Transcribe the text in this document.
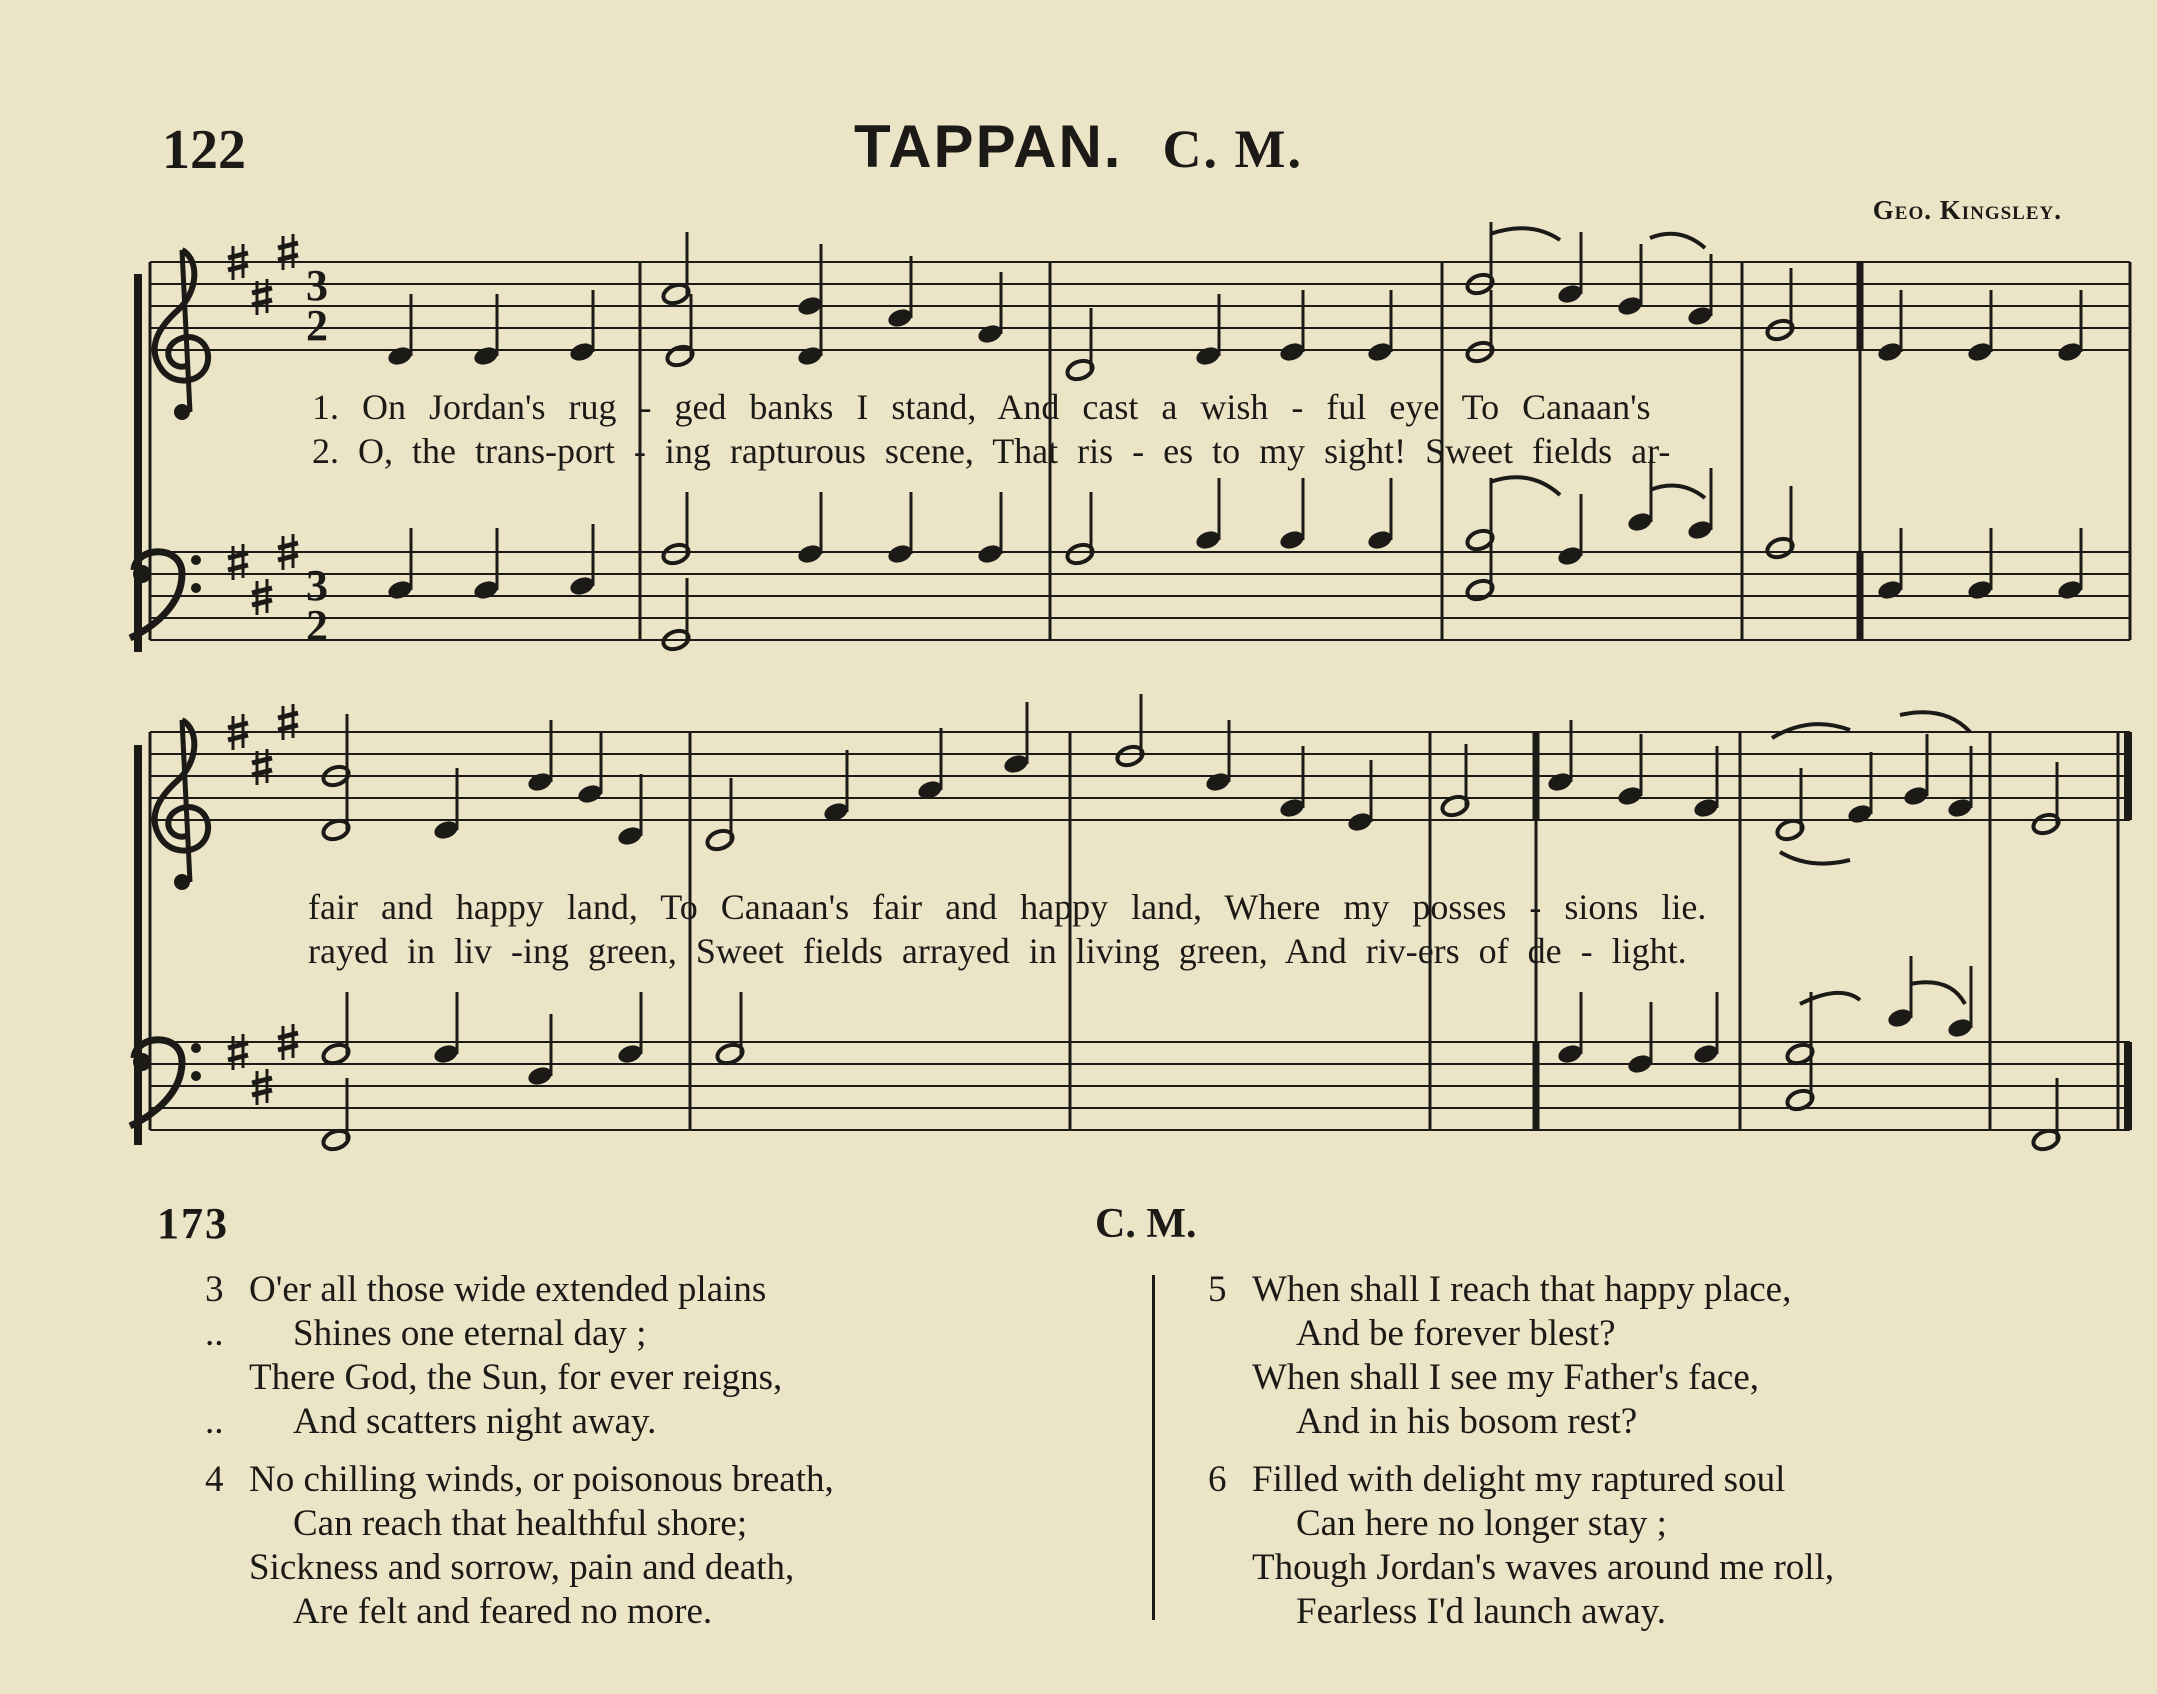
122	TAPPAN. C. M.
Geo. Kingsley.
3
2
3
2
1. On Jordan's rug - ged banks I stand, And cast a wish - ful eye To Canaan's
2. O, the trans-port - ing rapturous scene, That ris - es to my sight! Sweet fields ar-
fair and happy land, To Canaan's fair and happy land, Where my posses - sions lie.
rayed in liv -ing green, Sweet fields arrayed in living green, And riv-ers of de - light.
173	C. M.
3 O'er all those wide extended plains
.. Shines one eternal day ;
There God, the Sun, for ever reigns,
.. And scatters night away.
4 No chilling winds, or poisonous breath,
Can reach that healthful shore;
Sickness and sorrow, pain and death,
Are felt and feared no more.
5 When shall I reach that happy place,
And be forever blest?
When shall I see my Father's face,
And in his bosom rest?
6 Filled with delight my raptured soul
Can here no longer stay ;
Though Jordan's waves around me roll,
Fearless I'd launch away.
